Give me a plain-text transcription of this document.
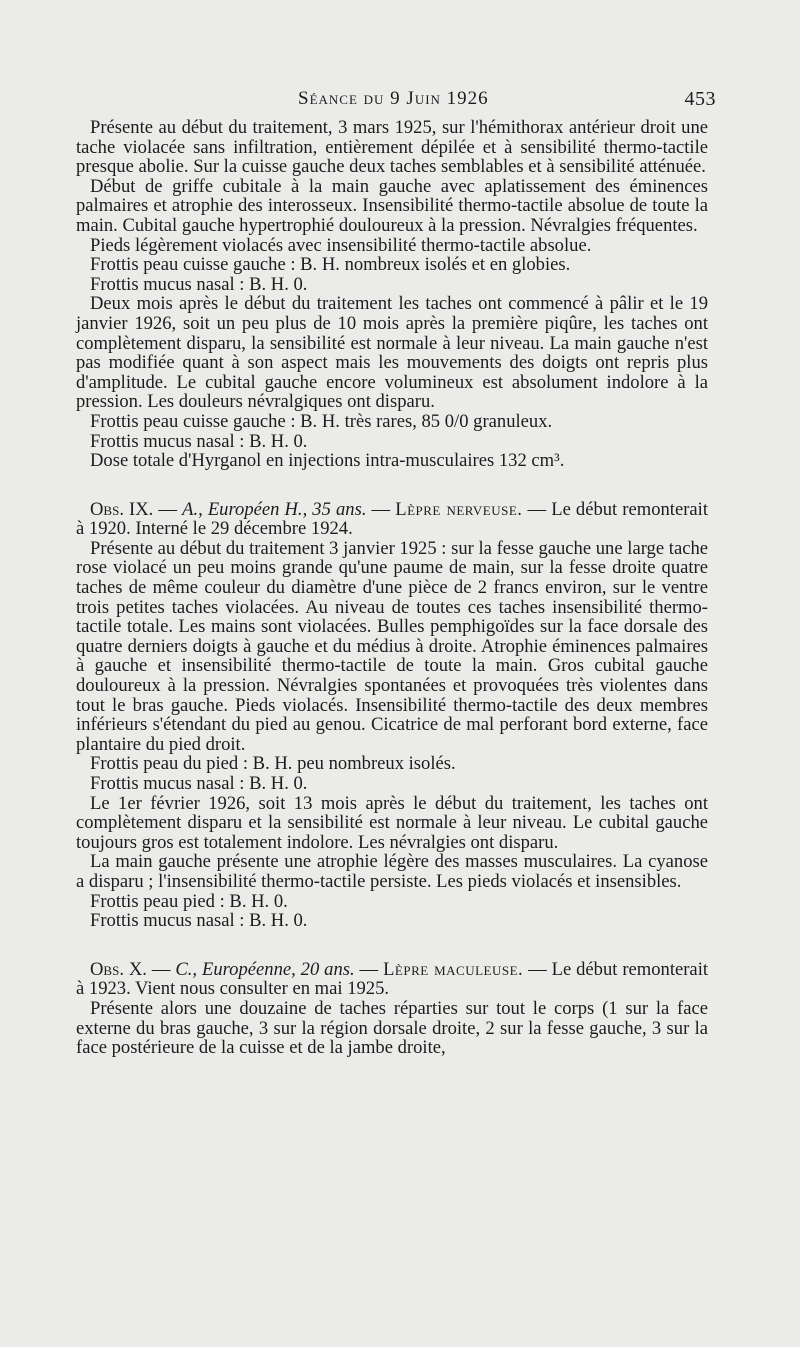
Séance du 9 Juin 1926	453

Présente au début du traitement, 3 mars 1925, sur l'hémithorax antérieur droit une tache violacée sans infiltration, entièrement dépilée et à sensibilité thermo-tactile presque abolie. Sur la cuisse gauche deux taches semblables et à sensibilité atténuée.

Début de griffe cubitale à la main gauche avec aplatissement des éminences palmaires et atrophie des interosseux. Insensibilité thermo-tactile absolue de toute la main. Cubital gauche hypertrophié douloureux à la pression. Névralgies fréquentes.

Pieds légèrement violacés avec insensibilité thermo-tactile absolue.

Frottis peau cuisse gauche : B. H. nombreux isolés et en globies.

Frottis mucus nasal : B. H. 0.

Deux mois après le début du traitement les taches ont commencé à pâlir et le 19 janvier 1926, soit un peu plus de 10 mois après la première piqûre, les taches ont complètement disparu, la sensibilité est normale à leur niveau. La main gauche n'est pas modifiée quant à son aspect mais les mouvements des doigts ont repris plus d'amplitude. Le cubital gauche encore volumineux est absolument indolore à la pression. Les douleurs névralgiques ont disparu.

Frottis peau cuisse gauche : B. H. très rares, 85 0/0 granuleux.

Frottis mucus nasal : B. H. 0.

Dose totale d'Hyrganol en injections intra-musculaires 132 cm³.

Obs. IX. — A., Européen H., 35 ans. — Lèpre nerveuse. — Le début remonterait à 1920. Interné le 29 décembre 1924.

Présente au début du traitement 3 janvier 1925 : sur la fesse gauche une large tache rose violacé un peu moins grande qu'une paume de main, sur la fesse droite quatre taches de même couleur du diamètre d'une pièce de 2 francs environ, sur le ventre trois petites taches violacées. Au niveau de toutes ces taches insensibilité thermo-tactile totale. Les mains sont violacées. Bulles pemphigoïdes sur la face dorsale des quatre derniers doigts à gauche et du médius à droite. Atrophie éminences palmaires à gauche et insensibilité thermo-tactile de toute la main. Gros cubital gauche douloureux à la pression. Névralgies spontanées et provoquées très violentes dans tout le bras gauche. Pieds violacés. Insensibilité thermo-tactile des deux membres inférieurs s'étendant du pied au genou. Cicatrice de mal perforant bord externe, face plantaire du pied droit.

Frottis peau du pied : B. H. peu nombreux isolés.

Frottis mucus nasal : B. H. 0.

Le 1er février 1926, soit 13 mois après le début du traitement, les taches ont complètement disparu et la sensibilité est normale à leur niveau. Le cubital gauche toujours gros est totalement indolore. Les névralgies ont disparu.

La main gauche présente une atrophie légère des masses musculaires. La cyanose a disparu ; l'insensibilité thermo-tactile persiste. Les pieds violacés et insensibles.

Frottis peau pied : B. H. 0.

Frottis mucus nasal : B. H. 0.

Obs. X. — C., Européenne, 20 ans. — Lèpre maculeuse. — Le début remonterait à 1923. Vient nous consulter en mai 1925.

Présente alors une douzaine de taches réparties sur tout le corps (1 sur la face externe du bras gauche, 3 sur la région dorsale droite, 2 sur la fesse gauche, 3 sur la face postérieure de la cuisse et de la jambe droite,
